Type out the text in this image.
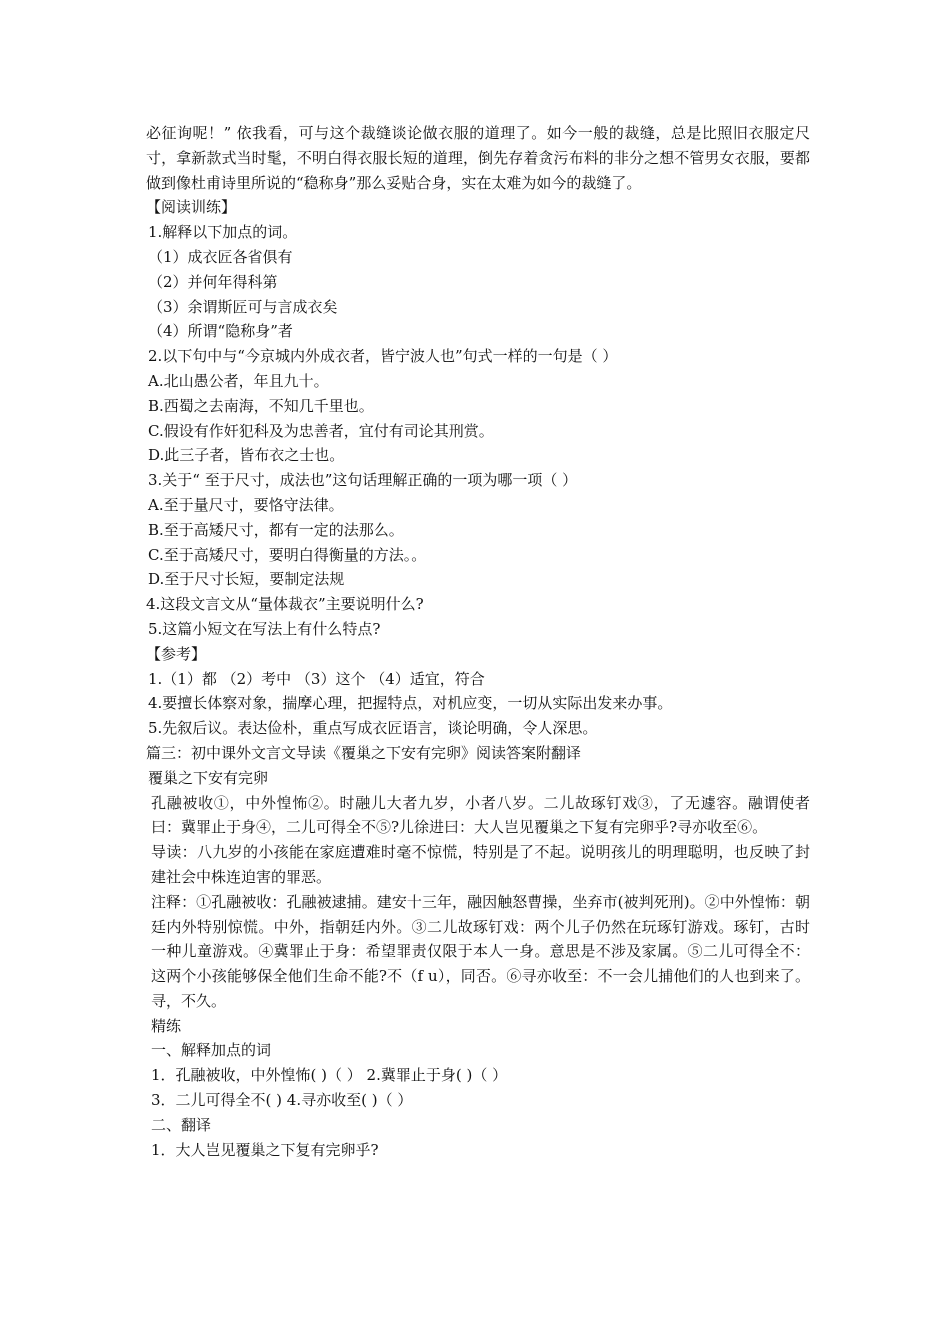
必征询呢！” 依我看，可与这个裁缝谈论做衣服的道理了。如今一般的裁缝，总是比照旧衣服定尺寸，拿新款式当时髦，不明白得衣服长短的道理，倒先存着贪污布料的非分之想不管男女衣服，要都做到像杜甫诗里所说的“稳称身”那么妥贴合身，实在太难为如今的裁缝了。

【阅读训练】

1.解释以下加点的词。

（1）成衣匠各省俱有

（2）并何年得科第

（3）余谓斯匠可与言成衣矣

（4）所谓“隐称身”者

2.以下句中与“今京城内外成衣者，皆宁波人也”句式一样的一句是（ ）

A.北山愚公者，年且九十。

B.西蜀之去南海，不知几千里也。

C.假设有作奸犯科及为忠善者，宜付有司论其刑赏。

D.此三子者，皆布衣之士也。

3.关于“ 至于尺寸，成法也”这句话理解正确的一项为哪一项（ ）

A.至于量尺寸，要恪守法律。

B.至于高矮尺寸，都有一定的法那么。

C.至于高矮尺寸，要明白得衡量的方法。。

D.至于尺寸长短，要制定法规

4.这段文言文从“量体裁衣”主要说明什么?

5.这篇小短文在写法上有什么特点?

【参考】

1.（1）都 （2）考中 （3）这个 （4）适宜，符合

4.要擅长体察对象，揣摩心理，把握特点，对机应变，一切从实际出发来办事。

5.先叙后议。表达俭朴，重点写成衣匠语言，谈论明确，令人深思。

篇三：初中课外文言文导读《覆巢之下安有完卵》阅读答案附翻译

覆巢之下安有完卵

孔融被收①，中外惶怖②。时融儿大者九岁，小者八岁。二儿故琢钉戏③，了无遽容。融谓使者曰：冀罪止于身④，二儿可得全不⑤?儿徐进曰：大人岂见覆巢之下复有完卵乎?寻亦收至⑥。

导读：八九岁的小孩能在家庭遭难时毫不惊慌，特别是了不起。说明孩儿的明理聪明，也反映了封建社会中株连迫害的罪恶。

注释：①孔融被收：孔融被逮捕。建安十三年，融因触怒曹操，坐弃市(被判死刑)。②中外惶怖：朝廷内外特别惊慌。中外，指朝廷内外。③二儿故琢钉戏：两个儿子仍然在玩琢钉游戏。琢钉，古时一种儿童游戏。④冀罪止于身：希望罪责仅限于本人一身。意思是不涉及家属。⑤二儿可得全不：这两个小孩能够保全他们生命不能?不（f u），同否。⑥寻亦收至：不一会儿捕他们的人也到来了。寻，不久。

精练

一、解释加点的词

1．孔融被收，中外惶怖( )（ ） 2.冀罪止于身( )（ ）

3．二儿可得全不( ) 4.寻亦收至( )（ ）

二、翻译

1．大人岂见覆巢之下复有完卵乎?
